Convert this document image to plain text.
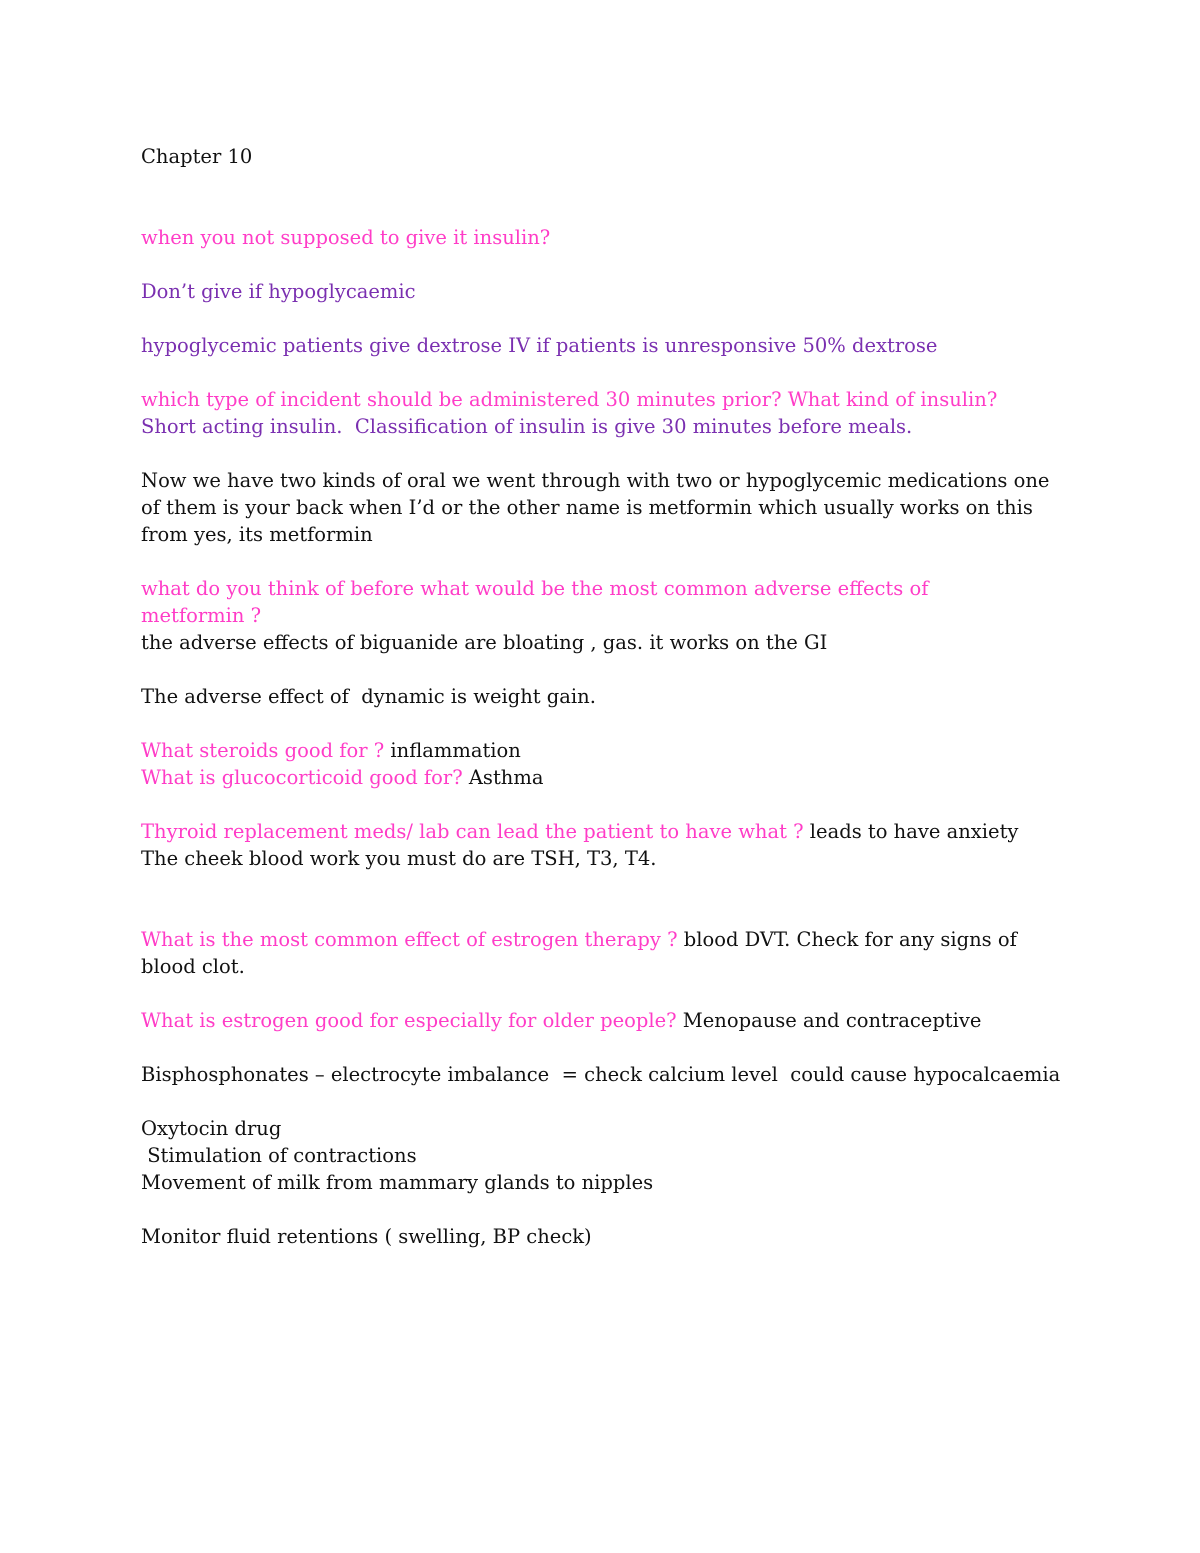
Chapter 10
when you not supposed to give it insulin?
Don’t give if hypoglycaemic
hypoglycemic patients give dextrose IV if patients is unresponsive 50% dextrose
which type of incident should be administered 30 minutes prior? What kind of insulin?
Short acting insulin.  Classification of insulin is give 30 minutes before meals.
Now we have two kinds of oral we went through with two or hypoglycemic medications one
of them is your back when I’d or the other name is metformin which usually works on this
from yes, its metformin
what do you think of before what would be the most common adverse effects of
metformin ?
the adverse effects of biguanide are bloating , gas. it works on the GI
The adverse effect of  dynamic is weight gain.
What steroids good for ? inflammation
What is glucocorticoid good for? Asthma
Thyroid replacement meds/ lab can lead the patient to have what ? leads to have anxiety
The cheek blood work you must do are TSH, T3, T4.
What is the most common effect of estrogen therapy ? blood DVT. Check for any signs of
blood clot.
What is estrogen good for especially for older people? Menopause and contraceptive
Bisphosphonates – electrocyte imbalance  = check calcium level  could cause hypocalcaemia
Oxytocin drug
Stimulation of contractions
Movement of milk from mammary glands to nipples
Monitor fluid retentions ( swelling, BP check)
